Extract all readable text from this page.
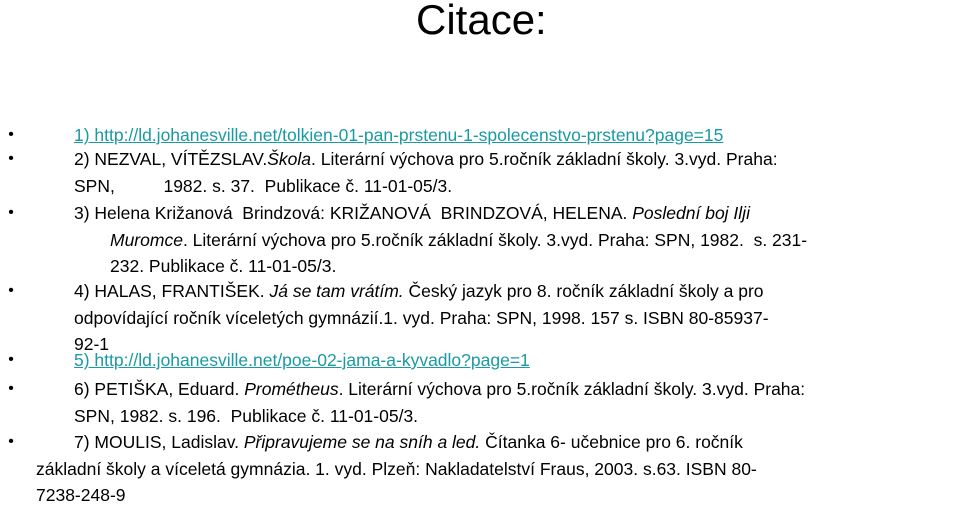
Citace:
•	1) http://ld.johanesville.net/tolkien-01-pan-prstenu-1-spolecenstvo-prstenu?page=15
•	2) NEZVAL, VÍTĚZSLAV.Škola. Literární výchova pro 5.ročník základní školy. 3.vyd. Praha:
SPN,          1982. s. 37.  Publikace č. 11-01-05/3.
•	3) Helena Križanová  Brindzová: KRIŽANOVÁ  BRINDZOVÁ, HELENA. Poslední boj Ilji
Muromce. Literární výchova pro 5.ročník základní školy. 3.vyd. Praha: SPN, 1982.  s. 231-
232. Publikace č. 11-01-05/3.
•	4) HALAS, FRANTIŠEK. Já se tam vrátím. Český jazyk pro 8. ročník základní školy a pro
odpovídající ročník víceletých gymnázií.1. vyd. Praha: SPN, 1998. 157 s. ISBN 80-85937-
92-1
•	5) http://ld.johanesville.net/poe-02-jama-a-kyvadlo?page=1
•	6) PETIŠKA, Eduard. Prométheus. Literární výchova pro 5.ročník základní školy. 3.vyd. Praha:
SPN, 1982. s. 196.  Publikace č. 11-01-05/3.
•	7) MOULIS, Ladislav. Připravujeme se na sníh a led. Čítanka 6- učebnice pro 6. ročník
základní školy a víceletá gymnázia. 1. vyd. Plzeň: Nakladatelství Fraus, 2003. s.63. ISBN 80-
7238-248-9
